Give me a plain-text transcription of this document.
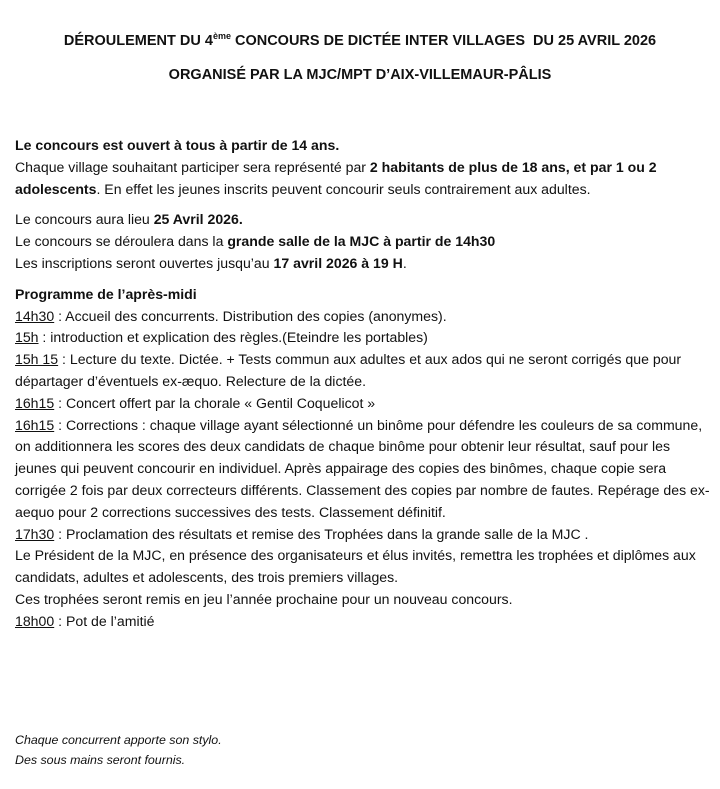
DÉROULEMENT DU 4ème CONCOURS DE DICTÉE INTER VILLAGES  DU 25 AVRIL 2026
ORGANISÉ PAR LA MJC/MPT D’AIX-VILLEMAUR-PÂLIS

Le concours est ouvert à tous à partir de 14 ans.
Chaque village souhaitant participer sera représenté par 2 habitants de plus de 18 ans, et par 1 ou 2 adolescents. En effet les jeunes inscrits peuvent concourir seuls contrairement aux adultes.

Le concours aura lieu 25 Avril 2026.
Le concours se déroulera dans la grande salle de la MJC à partir de 14h30
Les inscriptions seront ouvertes jusqu’au 17 avril 2026 à 19 H.

Programme de l’après-midi
14h30 : Accueil des concurrents. Distribution des copies (anonymes).
15h : introduction et explication des règles.(Eteindre les portables)
15h 15 : Lecture du texte. Dictée. + Tests commun aux adultes et aux ados qui ne seront corrigés que pour départager d’éventuels ex-æquo. Relecture de la dictée.
16h15 : Concert offert par la chorale « Gentil Coquelicot »
16h15 : Corrections : chaque village ayant sélectionné un binôme pour défendre les couleurs de sa commune, on additionnera les scores des deux candidats de chaque binôme pour obtenir leur résultat, sauf pour les jeunes qui peuvent concourir en individuel. Après appairage des copies des binômes, chaque copie sera corrigée 2 fois par deux correcteurs différents. Classement des copies par nombre de fautes. Repérage des ex-aequo pour 2 corrections successives des tests. Classement définitif.
17h30 : Proclamation des résultats et remise des Trophées dans la grande salle de la MJC .
Le Président de la MJC, en présence des organisateurs et élus invités, remettra les trophées et diplômes aux candidats, adultes et adolescents, des trois premiers villages.
Ces trophées seront remis en jeu l’année prochaine pour un nouveau concours.
18h00 : Pot de l’amitié

Chaque concurrent apporte son stylo.

Des sous mains seront fournis.
